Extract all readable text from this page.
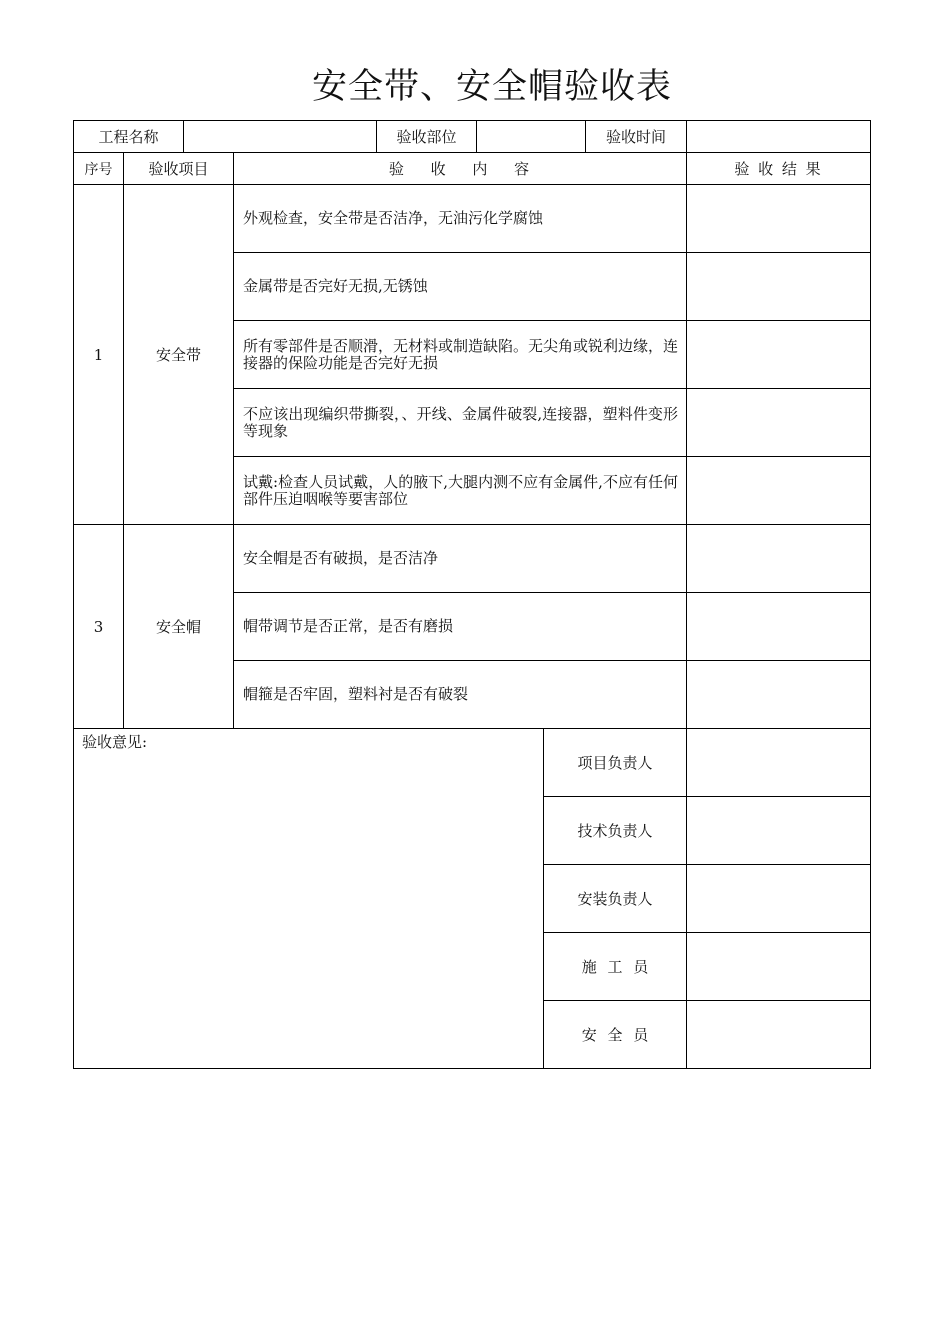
安全带、安全帽验收表
工程名称				验收部位			验收时间	
序号	验收项目		验 收 内 容					验 收 结 果
1	安全带		外观检查，安全带是否洁净，无油污化学腐蚀					
			金属带是否完好无损,无锈蚀					
			所有零部件是否顺滑，无材料或制造缺陷。无尖角或锐利边缘，连接器的保险功能是否完好无损					
			不应该出现编织带撕裂，、开线、金属件破裂,连接器，塑料件变形等现象					
			试戴:检查人员试戴，人的腋下,大腿内测不应有金属件,不应有任何部件压迫咽喉等要害部位					
3	安全帽		安全帽是否有破损，是否洁净					
			帽带调节是否正常，是否有磨损					
			帽箍是否牢固，塑料衬是否有破裂					
验收意见:						项目负责人		
						技术负责人		
						安装负责人		
						施 工 员		
						安 全 员		
